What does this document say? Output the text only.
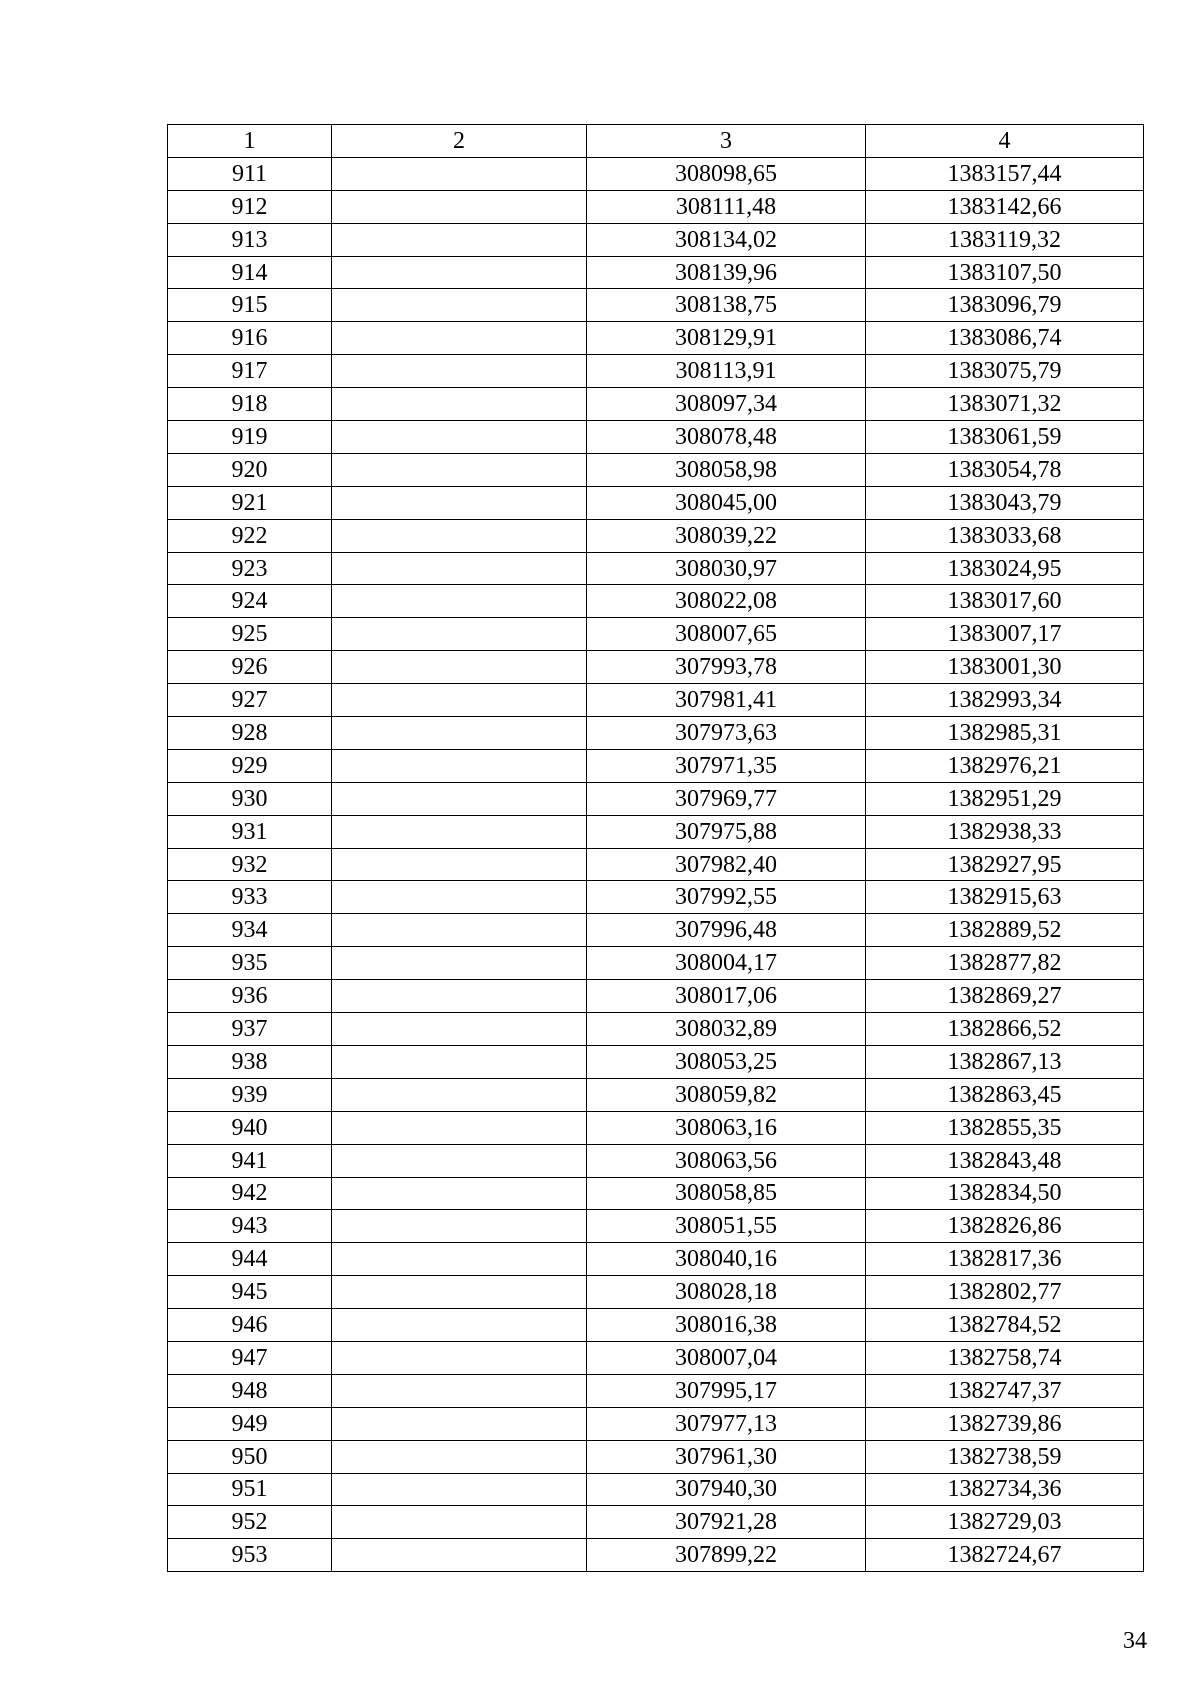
1	2	3	4
911		308098,65	1383157,44
912		308111,48	1383142,66
913		308134,02	1383119,32
914		308139,96	1383107,50
915		308138,75	1383096,79
916		308129,91	1383086,74
917		308113,91	1383075,79
918		308097,34	1383071,32
919		308078,48	1383061,59
920		308058,98	1383054,78
921		308045,00	1383043,79
922		308039,22	1383033,68
923		308030,97	1383024,95
924		308022,08	1383017,60
925		308007,65	1383007,17
926		307993,78	1383001,30
927		307981,41	1382993,34
928		307973,63	1382985,31
929		307971,35	1382976,21
930		307969,77	1382951,29
931		307975,88	1382938,33
932		307982,40	1382927,95
933		307992,55	1382915,63
934		307996,48	1382889,52
935		308004,17	1382877,82
936		308017,06	1382869,27
937		308032,89	1382866,52
938		308053,25	1382867,13
939		308059,82	1382863,45
940		308063,16	1382855,35
941		308063,56	1382843,48
942		308058,85	1382834,50
943		308051,55	1382826,86
944		308040,16	1382817,36
945		308028,18	1382802,77
946		308016,38	1382784,52
947		308007,04	1382758,74
948		307995,17	1382747,37
949		307977,13	1382739,86
950		307961,30	1382738,59
951		307940,30	1382734,36
952		307921,28	1382729,03
953		307899,22	1382724,67
34
